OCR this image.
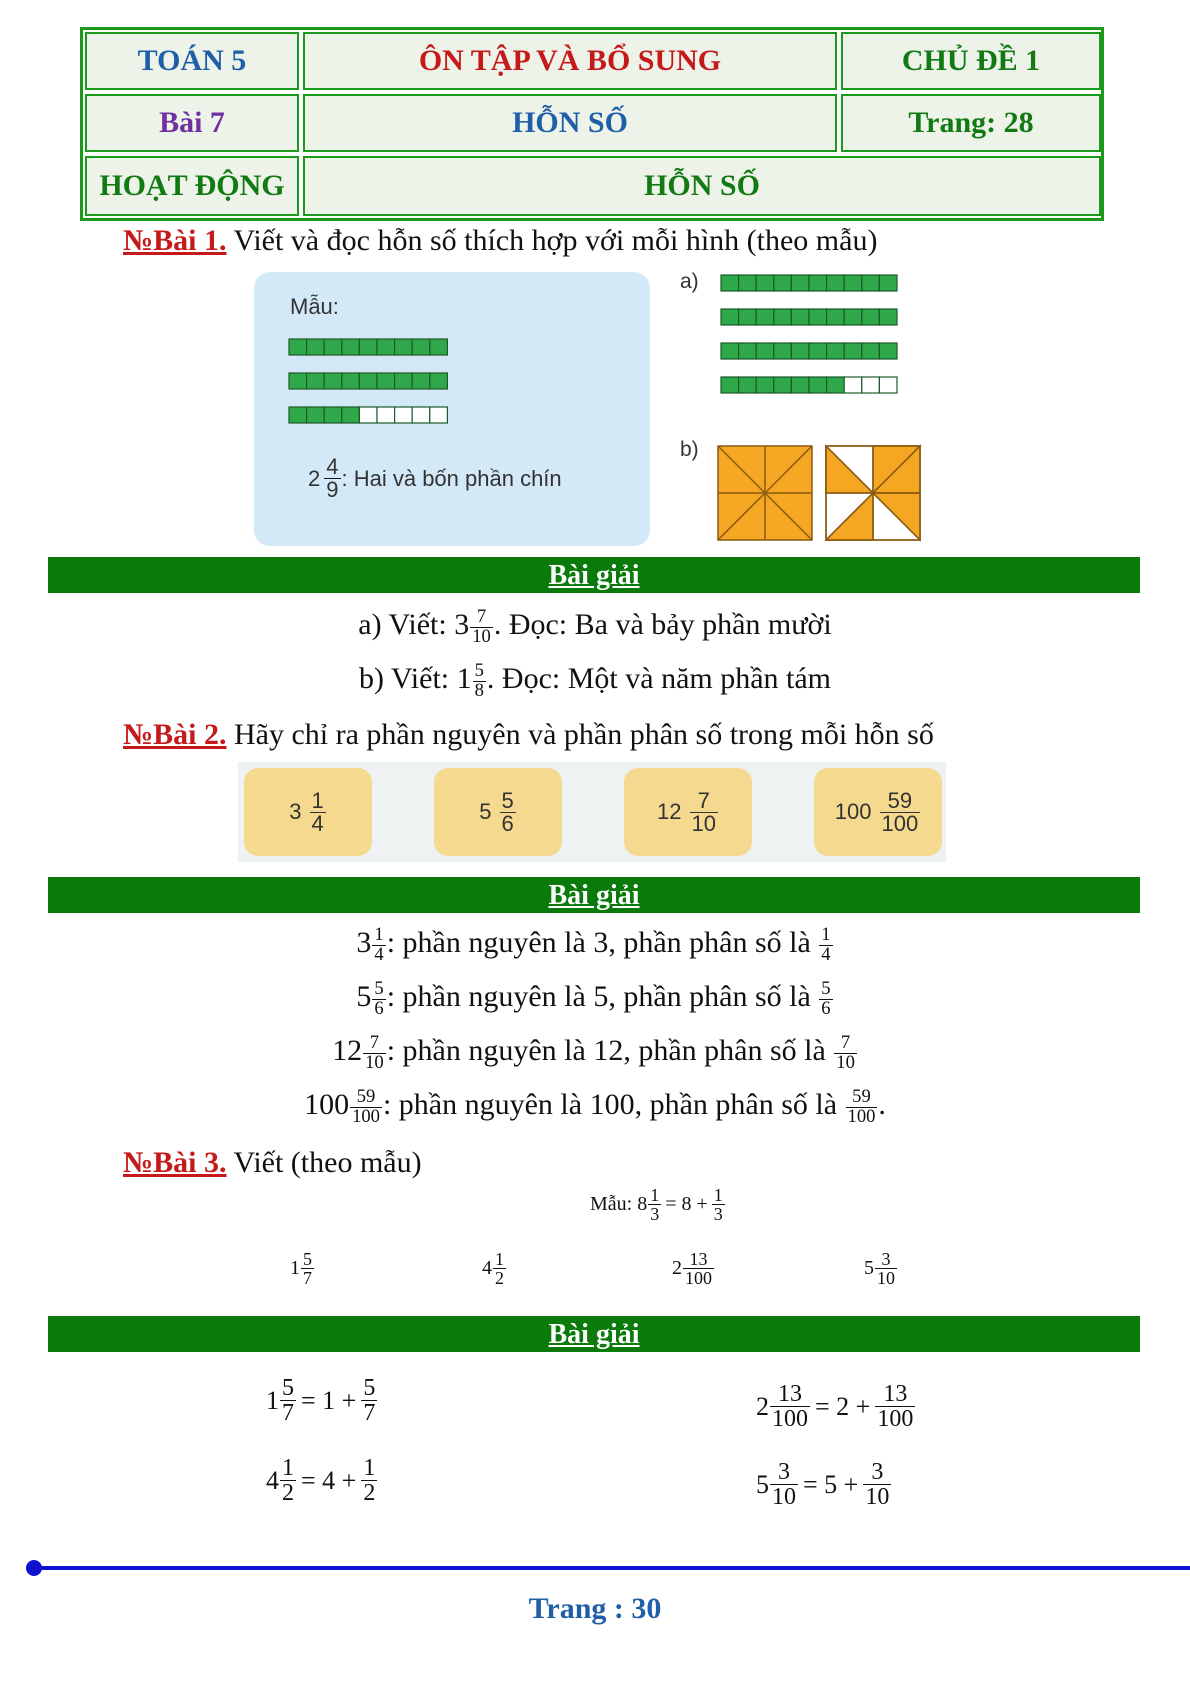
TOÁN 5	ÔN TẬP VÀ BỔ SUNG	CHỦ ĐỀ 1
Bài 7	HỖN SỐ	Trang: 28
HOẠT ĐỘNG	HỖN SỐ
№Bài 1. Viết và đọc hỗn số thích hợp với mỗi hình (theo mẫu)
Mẫu:
$2 \frac{4}{9}$ : Hai và bốn phần chín
a)
b)
Bài giải
a) Viết: $3 \frac{7}{10}$ . Đọc: Ba và bảy phần mười
b) Viết: $1 \frac{5}{8}$ . Đọc: Một và năm phần tám
№Bài 2. Hãy chỉ ra phần nguyên và phần phân số trong mỗi hỗn số
$3 \frac{1}{4}$	$5 \frac{5}{6}$	$12 \frac{7}{10}$	$100 \frac{59}{100}$
Bài giải
$3 \frac{1}{4}$ : phần nguyên là 3, phần phân số là $\frac{1}{4}$
$5 \frac{5}{6}$ : phần nguyên là 5, phần phân số là $\frac{5}{6}$
$12 \frac{7}{10}$ : phần nguyên là 12, phần phân số là $\frac{7}{10}$
$100 \frac{59}{100}$ : phần nguyên là 100, phần phân số là $\frac{59}{100}$ .
№Bài 3. Viết (theo mẫu)
Mẫu: $8 \frac{1}{3} = 8 + \frac{1}{3}$
$1 \frac{5}{7}$	$4 \frac{1}{2}$	$2 \frac{13}{100}$	$5 \frac{3}{10}$
Bài giải
$1 \frac{5}{7} = 1 + \frac{5}{7}$
$4 \frac{1}{2} = 4 + \frac{1}{2}$
$2 \frac{13}{100} = 2 + \frac{13}{100}$
$5 \frac{3}{10} = 5 + \frac{3}{10}$
Trang : 30
